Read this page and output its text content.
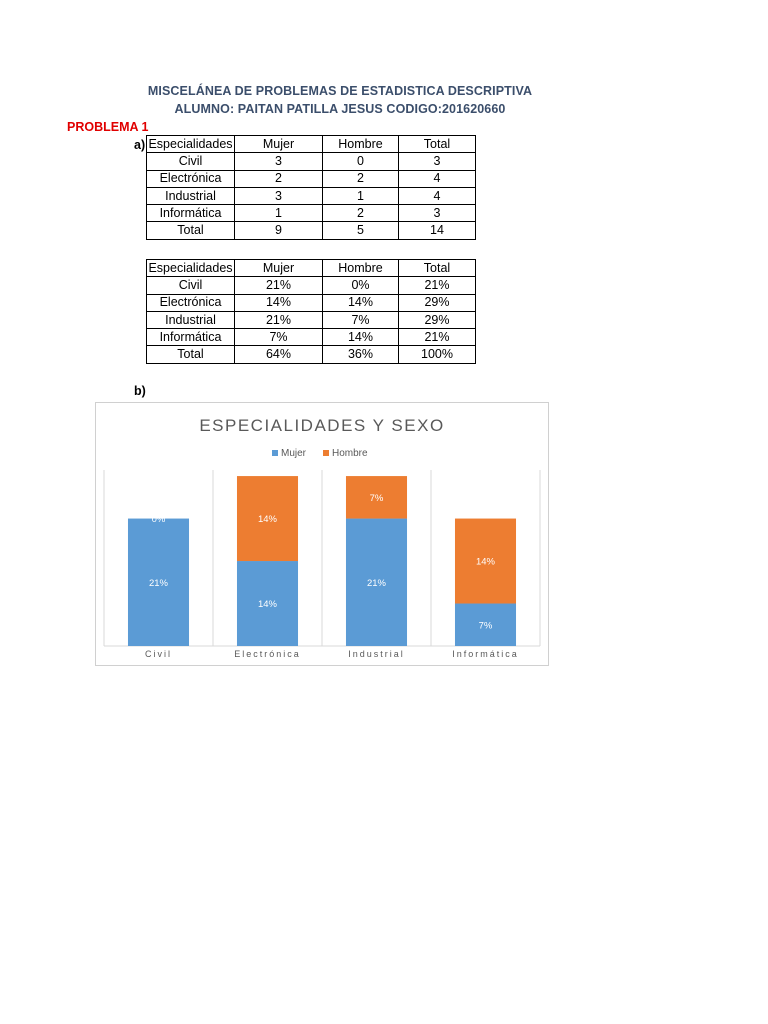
MISCELÁNEA DE PROBLEMAS DE ESTADISTICA DESCRIPTIVA
ALUMNO: PAITAN PATILLA JESUS CODIGO:201620660
PROBLEMA 1
a)
b)
Especialidades	Mujer	Hombre	Total
Civil	3	0	3
Electrónica	2	2	4
Industrial	3	1	4
Informática	1	2	3
Total	9	5	14
Especialidades	Mujer	Hombre	Total
Civil	21%	0%	21%
Electrónica	14%	14%	29%
Industrial	21%	7%	29%
Informática	7%	14%	21%
Total	64%	36%	100%
ESPECIALIDADES Y SEXO
Mujer	Hombre
21%
0%
Civil
14%
14%
Electrónica
21%
7%
Industrial
7%
14%
Informática
